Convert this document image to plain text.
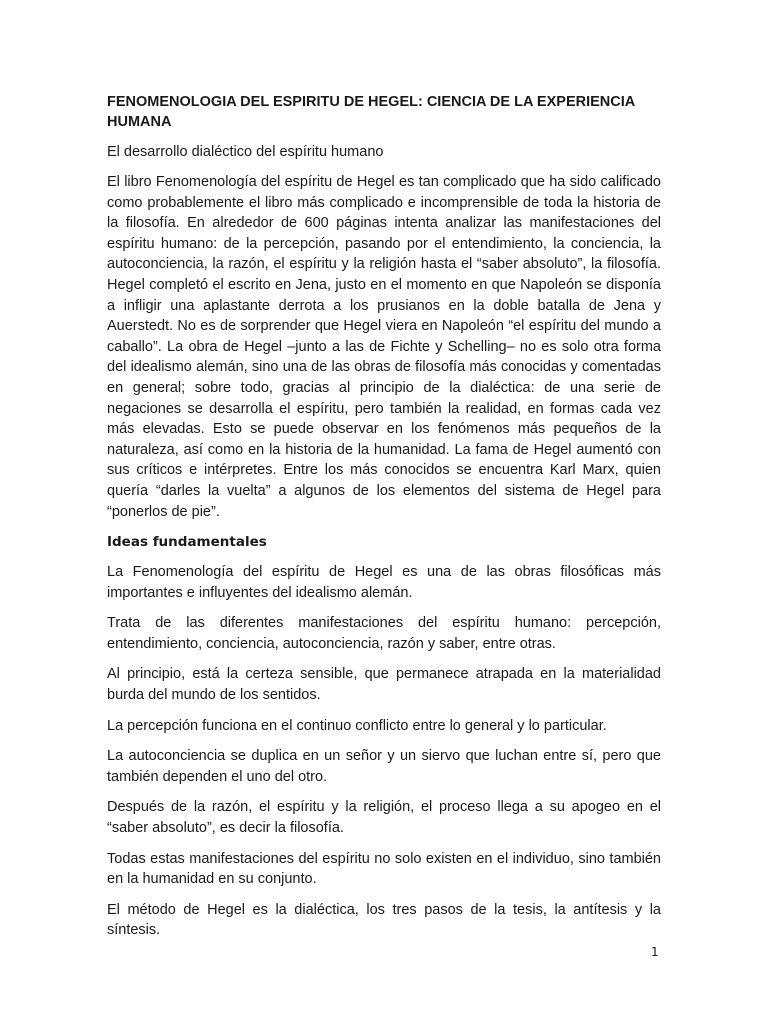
FENOMENOLOGIA DEL ESPIRITU DE HEGEL: CIENCIA DE LA EXPERIENCIA HUMANA
El desarrollo dialéctico del espíritu humano

El libro Fenomenología del espíritu de Hegel es tan complicado que ha sido calificado como probablemente el libro más complicado e incomprensible de toda la historia de la filosofía. En alrededor de 600 páginas intenta analizar las manifestaciones del espíritu humano: de la percepción, pasando por el entendimiento, la conciencia, la autoconciencia, la razón, el espíritu y la religión hasta el “saber absoluto”, la filosofía. Hegel completó el escrito en Jena, justo en el momento en que Napoleón se disponía a infligir una aplastante derrota a los prusianos en la doble batalla de Jena y Auerstedt. No es de sorprender que Hegel viera en Napoleón “el espíritu del mundo a caballo”. La obra de Hegel –junto a las de Fichte y Schelling– no es solo otra forma del idealismo alemán, sino una de las obras de filosofía más conocidas y comentadas en general; sobre todo, gracias al principio de la dialéctica: de una serie de negaciones se desarrolla el espíritu, pero también la realidad, en formas cada vez más elevadas. Esto se puede observar en los fenómenos más pequeños de la naturaleza, así como en la historia de la humanidad. La fama de Hegel aumentó con sus críticos e intérpretes. Entre los más conocidos se encuentra Karl Marx, quien quería “darles la vuelta” a algunos de los elementos del sistema de Hegel para “ponerlos de pie”.

Ideas fundamentales

La Fenomenología del espíritu de Hegel es una de las obras filosóficas más importantes e influyentes del idealismo alemán.

Trata de las diferentes manifestaciones del espíritu humano: percepción, entendimiento, conciencia, autoconciencia, razón y saber, entre otras.

Al principio, está la certeza sensible, que permanece atrapada en la materialidad burda del mundo de los sentidos.

La percepción funciona en el continuo conflicto entre lo general y lo particular.

La autoconciencia se duplica en un señor y un siervo que luchan entre sí, pero que también dependen el uno del otro.

Después de la razón, el espíritu y la religión, el proceso llega a su apogeo en el “saber absoluto”, es decir la filosofía.

Todas estas manifestaciones del espíritu no solo existen en el individuo, sino también en la humanidad en su conjunto.

El método de Hegel es la dialéctica, los tres pasos de la tesis, la antítesis y la síntesis.

1
